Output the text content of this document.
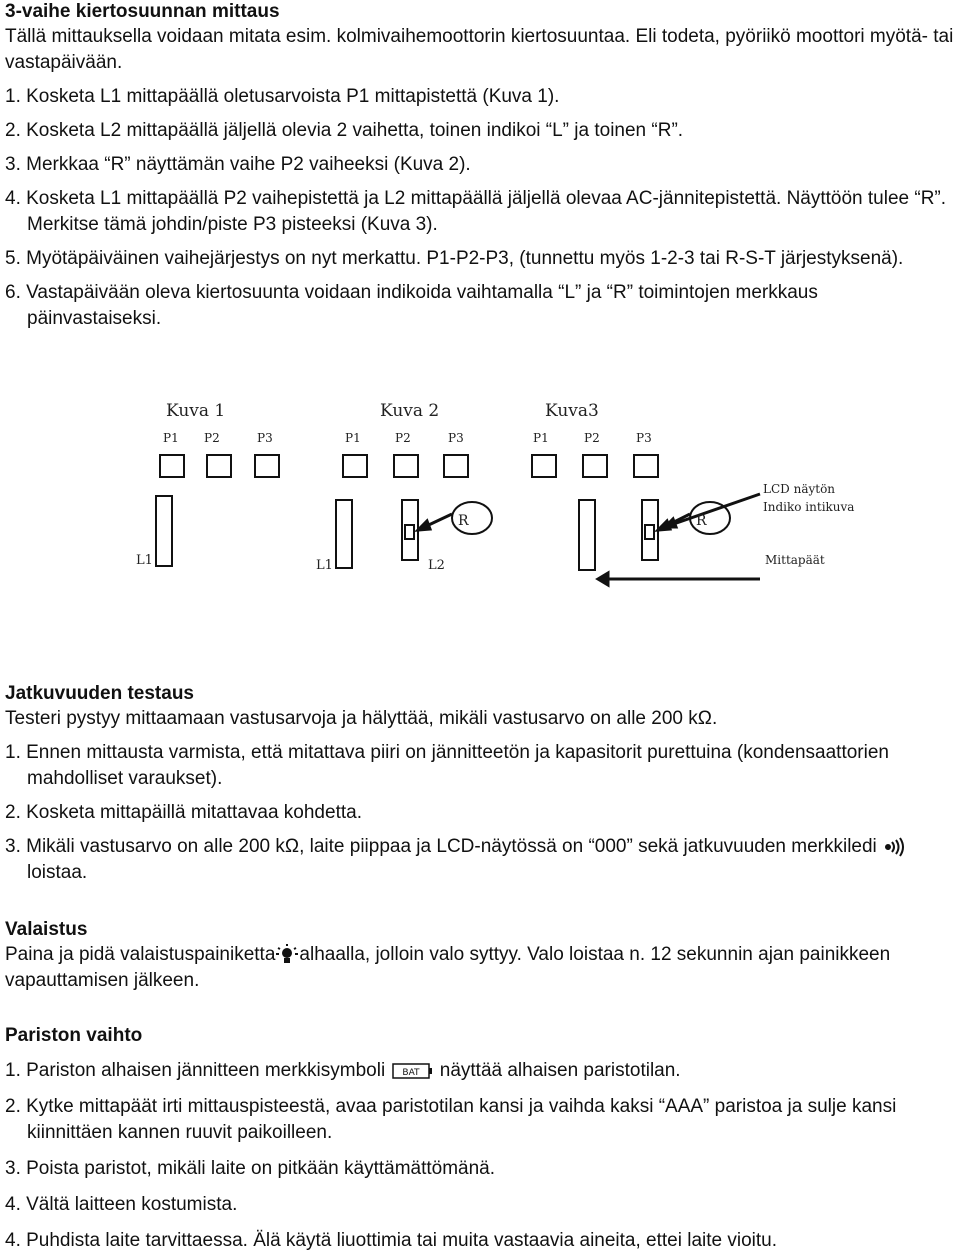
3-vaihe kiertosuunnan mittaus

Tällä mittauksella voidaan mitata esim. kolmivaihemoottorin kiertosuuntaa. Eli todeta, pyöriikö moottori myötä- tai vastapäivään.

1. Kosketa L1 mittapäällä oletusarvoista P1 mittapistettä (Kuva 1).

2. Kosketa L2 mittapäällä jäljellä olevia 2 vaihetta, toinen indikoi “L” ja toinen “R”.

3. Merkkaa “R” näyttämän vaihe P2 vaiheeksi (Kuva 2).

4. Kosketa L1 mittapäällä P2 vaihepistettä ja L2 mittapäällä jäljellä olevaa AC-jännitepistettä. Näyttöön tulee “R”. Merkitse tämä johdin/piste P3 pisteeksi (Kuva 3).

5. Myötäpäiväinen vaihejärjestys on nyt merkattu. P1-P2-P3, (tunnettu myös 1-2-3 tai R-S-T järjestyksenä).

6. Vastapäivään oleva kiertosuunta voidaan indikoida vaihtamalla “L” ja “R” toimintojen merkkaus päinvastaiseksi.

Kuva 1	Kuva 2	Kuva3
P1 P2	P3	P1	P2	P3	P1	P2	P3
L1	L1	L2
R	R
LCD näytön
Indiko intikuva
Mittapäät
Jatkuvuuden testaus

Testeri pystyy mittaamaan vastusarvoja ja hälyttää, mikäli vastusarvo on alle 200 kΩ.

1. Ennen mittausta varmista, että mitattava piiri on jännitteetön ja kapasitorit purettuina (kondensaattorien mahdolliset varaukset).

2. Kosketa mittapäillä mitattavaa kohdetta.

3. Mikäli vastusarvo on alle 200 kΩ, laite piippaa ja LCD-näytössä on “000” sekä jatkuvuuden merkkiledi  loistaa.

Valaistus

Paina ja pidä valaistuspainiketta alhaalla, jolloin valo syttyy. Valo loistaa n. 12 sekunnin ajan painikkeen vapauttamisen jälkeen.

Pariston vaihto

1. Pariston alhaisen jännitteen merkkisymboli BAT näyttää alhaisen paristotilan.

2. Kytke mittapäät irti mittauspisteestä, avaa paristotilan kansi ja vaihda kaksi “AAA” paristoa ja sulje kansi kiinnittäen kannen ruuvit paikoilleen.

3. Poista paristot, mikäli laite on pitkään käyttämättömänä.

4. Vältä laitteen kostumista.

4. Puhdista laite tarvittaessa. Älä käytä liuottimia tai muita vastaavia aineita, ettei laite vioitu.
